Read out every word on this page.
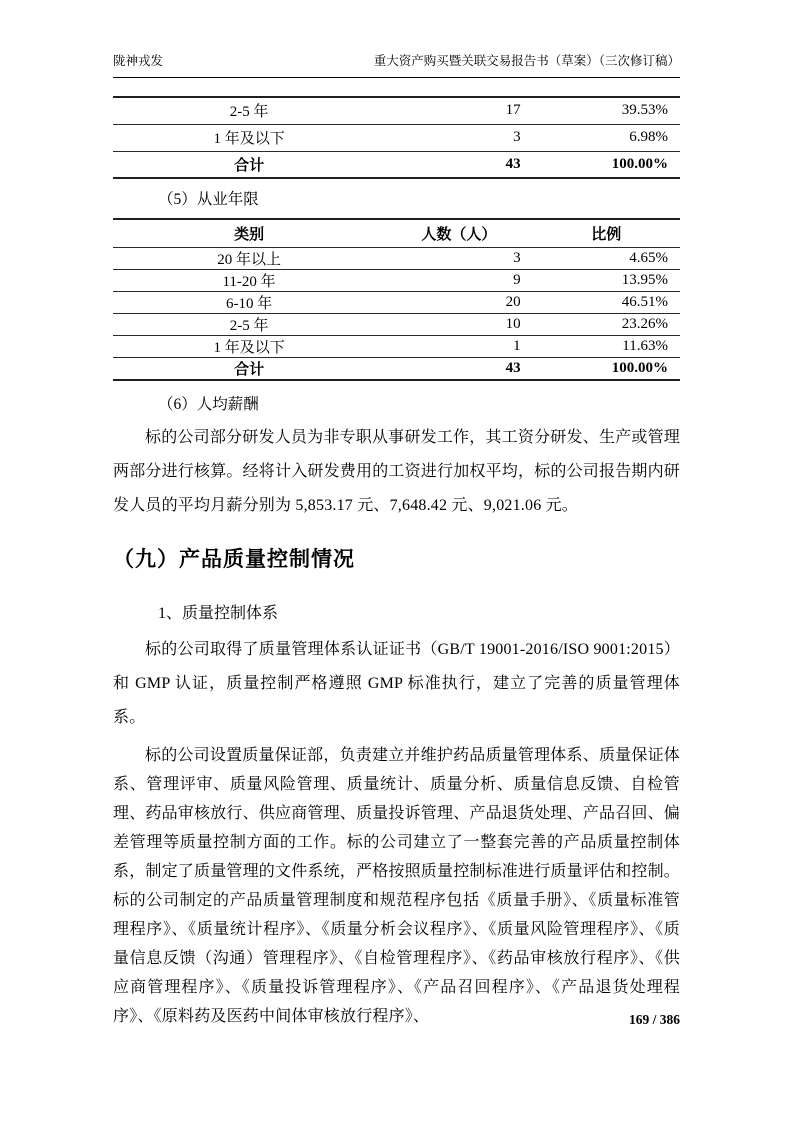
陇神戎发	重大资产购买暨关联交易报告书（草案）（三次修订稿）
2-5 年	17	39.53%
1 年及以下	3	6.98%
合计	43	100.00%
（5）从业年限
类别	人数（人）	比例
20 年以上	3	4.65%
11-20 年	9	13.95%
6-10 年	20	46.51%
2-5 年	10	23.26%
1 年及以下	1	11.63%
合计	43	100.00%
（6）人均薪酬

标的公司部分研发人员为非专职从事研发工作，其工资分研发、生产或管理两部分进行核算。经将计入研发费用的工资进行加权平均，标的公司报告期内研发人员的平均月薪分别为 5,853.17 元、7,648.42 元、9,021.06 元。

（九）产品质量控制情况
1、质量控制体系

标的公司取得了质量管理体系认证证书（GB/T 19001-2016/ISO 9001:2015）和 GMP 认证，质量控制严格遵照 GMP 标准执行，建立了完善的质量管理体系。

标的公司设置质量保证部，负责建立并维护药品质量管理体系、质量保证体系、管理评审、质量风险管理、质量统计、质量分析、质量信息反馈、自检管理、药品审核放行、供应商管理、质量投诉管理、产品退货处理、产品召回、偏差管理等质量控制方面的工作。标的公司建立了一整套完善的产品质量控制体系，制定了质量管理的文件系统，严格按照质量控制标准进行质量评估和控制。标的公司制定的产品质量管理制度和规范程序包括《质量手册》、《质量标准管理程序》、《质量统计程序》、《质量分析会议程序》、《质量风险管理程序》、《质量信息反馈（沟通）管理程序》、《自检管理程序》、《药品审核放行程序》、《供应商管理程序》、《质量投诉管理程序》、《产品召回程序》、《产品退货处理程序》、《原料药及医药中间体审核放行程序》、	169 / 386
